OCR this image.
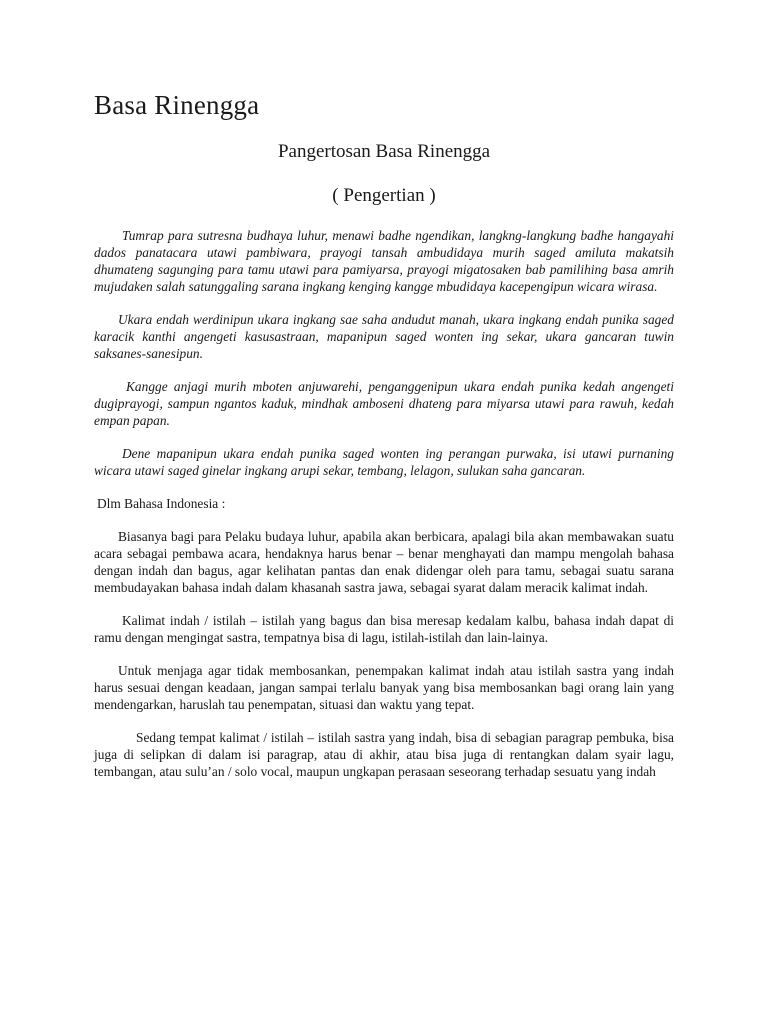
Basa Rinengga
Pangertosan Basa Rinengga
( Pengertian )

Tumrap para sutresna budhaya luhur, menawi badhe ngendikan, langkng-langkung badhe hangayahi dados panatacara utawi pambiwara, prayogi tansah ambudidaya murih saged amiluta makatsih dhumateng sagunging para tamu utawi para pamiyarsa, prayogi migatosaken bab pamilihing basa amrih mujudaken salah satunggaling sarana ingkang kenging kangge mbudidaya kacepengipun wicara wirasa.

Ukara endah werdinipun ukara ingkang sae saha andudut manah, ukara ingkang endah punika saged karacik kanthi angengeti kasusastraan, mapanipun saged wonten ing sekar, ukara gancaran tuwin saksanes-sanesipun.

Kangge anjagi murih mboten anjuwarehi, penganggenipun ukara endah punika kedah angengeti dugiprayogi, sampun ngantos kaduk, mindhak amboseni dhateng para miyarsa utawi para rawuh, kedah empan papan.

Dene mapanipun ukara endah punika saged wonten ing perangan purwaka, isi utawi purnaning wicara utawi saged ginelar ingkang arupi sekar, tembang, lelagon, sulukan saha gancaran.

Dlm Bahasa Indonesia :

Biasanya bagi para Pelaku budaya luhur, apabila akan berbicara, apalagi bila akan membawakan suatu acara sebagai pembawa acara, hendaknya harus benar – benar menghayati dan mampu mengolah bahasa dengan indah dan bagus, agar kelihatan pantas dan enak didengar oleh para tamu, sebagai suatu sarana membudayakan bahasa indah dalam khasanah sastra jawa, sebagai syarat dalam meracik kalimat indah.

Kalimat indah / istilah – istilah yang bagus dan bisa meresap kedalam kalbu, bahasa indah dapat di ramu dengan mengingat sastra, tempatnya bisa di lagu, istilah-istilah dan lain-lainya.

Untuk menjaga agar tidak membosankan, penempakan kalimat indah atau istilah sastra yang indah harus sesuai dengan keadaan, jangan sampai terlalu banyak yang bisa membosankan bagi orang lain yang mendengarkan, haruslah tau penempatan, situasi dan waktu yang tepat.

Sedang tempat kalimat / istilah – istilah sastra yang indah, bisa di sebagian paragrap pembuka, bisa juga di selipkan di dalam isi paragrap, atau di akhir, atau bisa juga di rentangkan dalam syair lagu, tembangan, atau sulu’an / solo vocal, maupun ungkapan perasaan seseorang terhadap sesuatu yang indah
